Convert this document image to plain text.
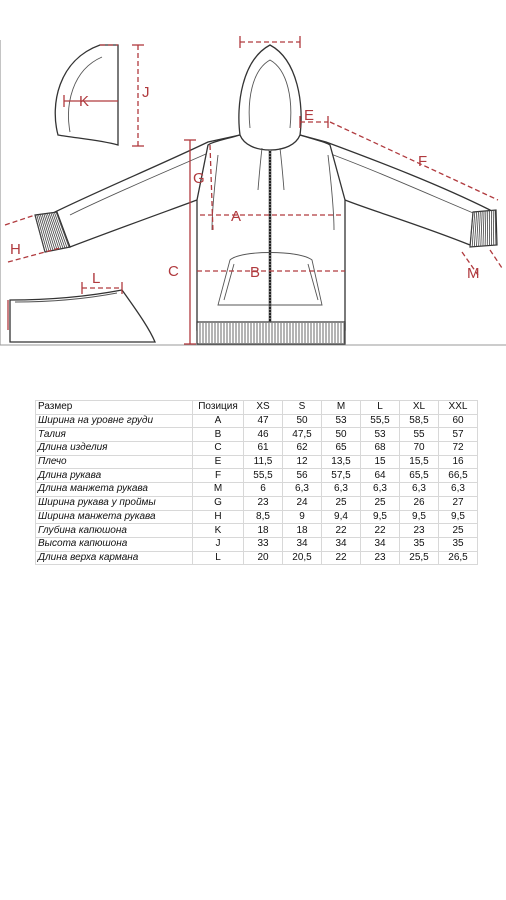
K
J
L
A
B
C
E
F
G
H
M
Размер	Позиция	XS	S	M	L	XL	XXL
Ширина на уровне груди	A	47	50	53	55,5	58,5	60
Талия	B	46	47,5	50	53	55	57
Длина изделия	C	61	62	65	68	70	72
Плечо	E	11,5	12	13,5	15	15,5	16
Длина рукава	F	55,5	56	57,5	64	65,5	66,5
Длина манжета рукава	M	6	6,3	6,3	6,3	6,3	6,3
Ширина рукава у проймы	G	23	24	25	25	26	27
Ширина манжета рукава	H	8,5	9	9,4	9,5	9,5	9,5
Глубина капюшона	K	18	18	22	22	23	25
Высота капюшона	J	33	34	34	34	35	35
Длина верха кармана	L	20	20,5	22	23	25,5	26,5
